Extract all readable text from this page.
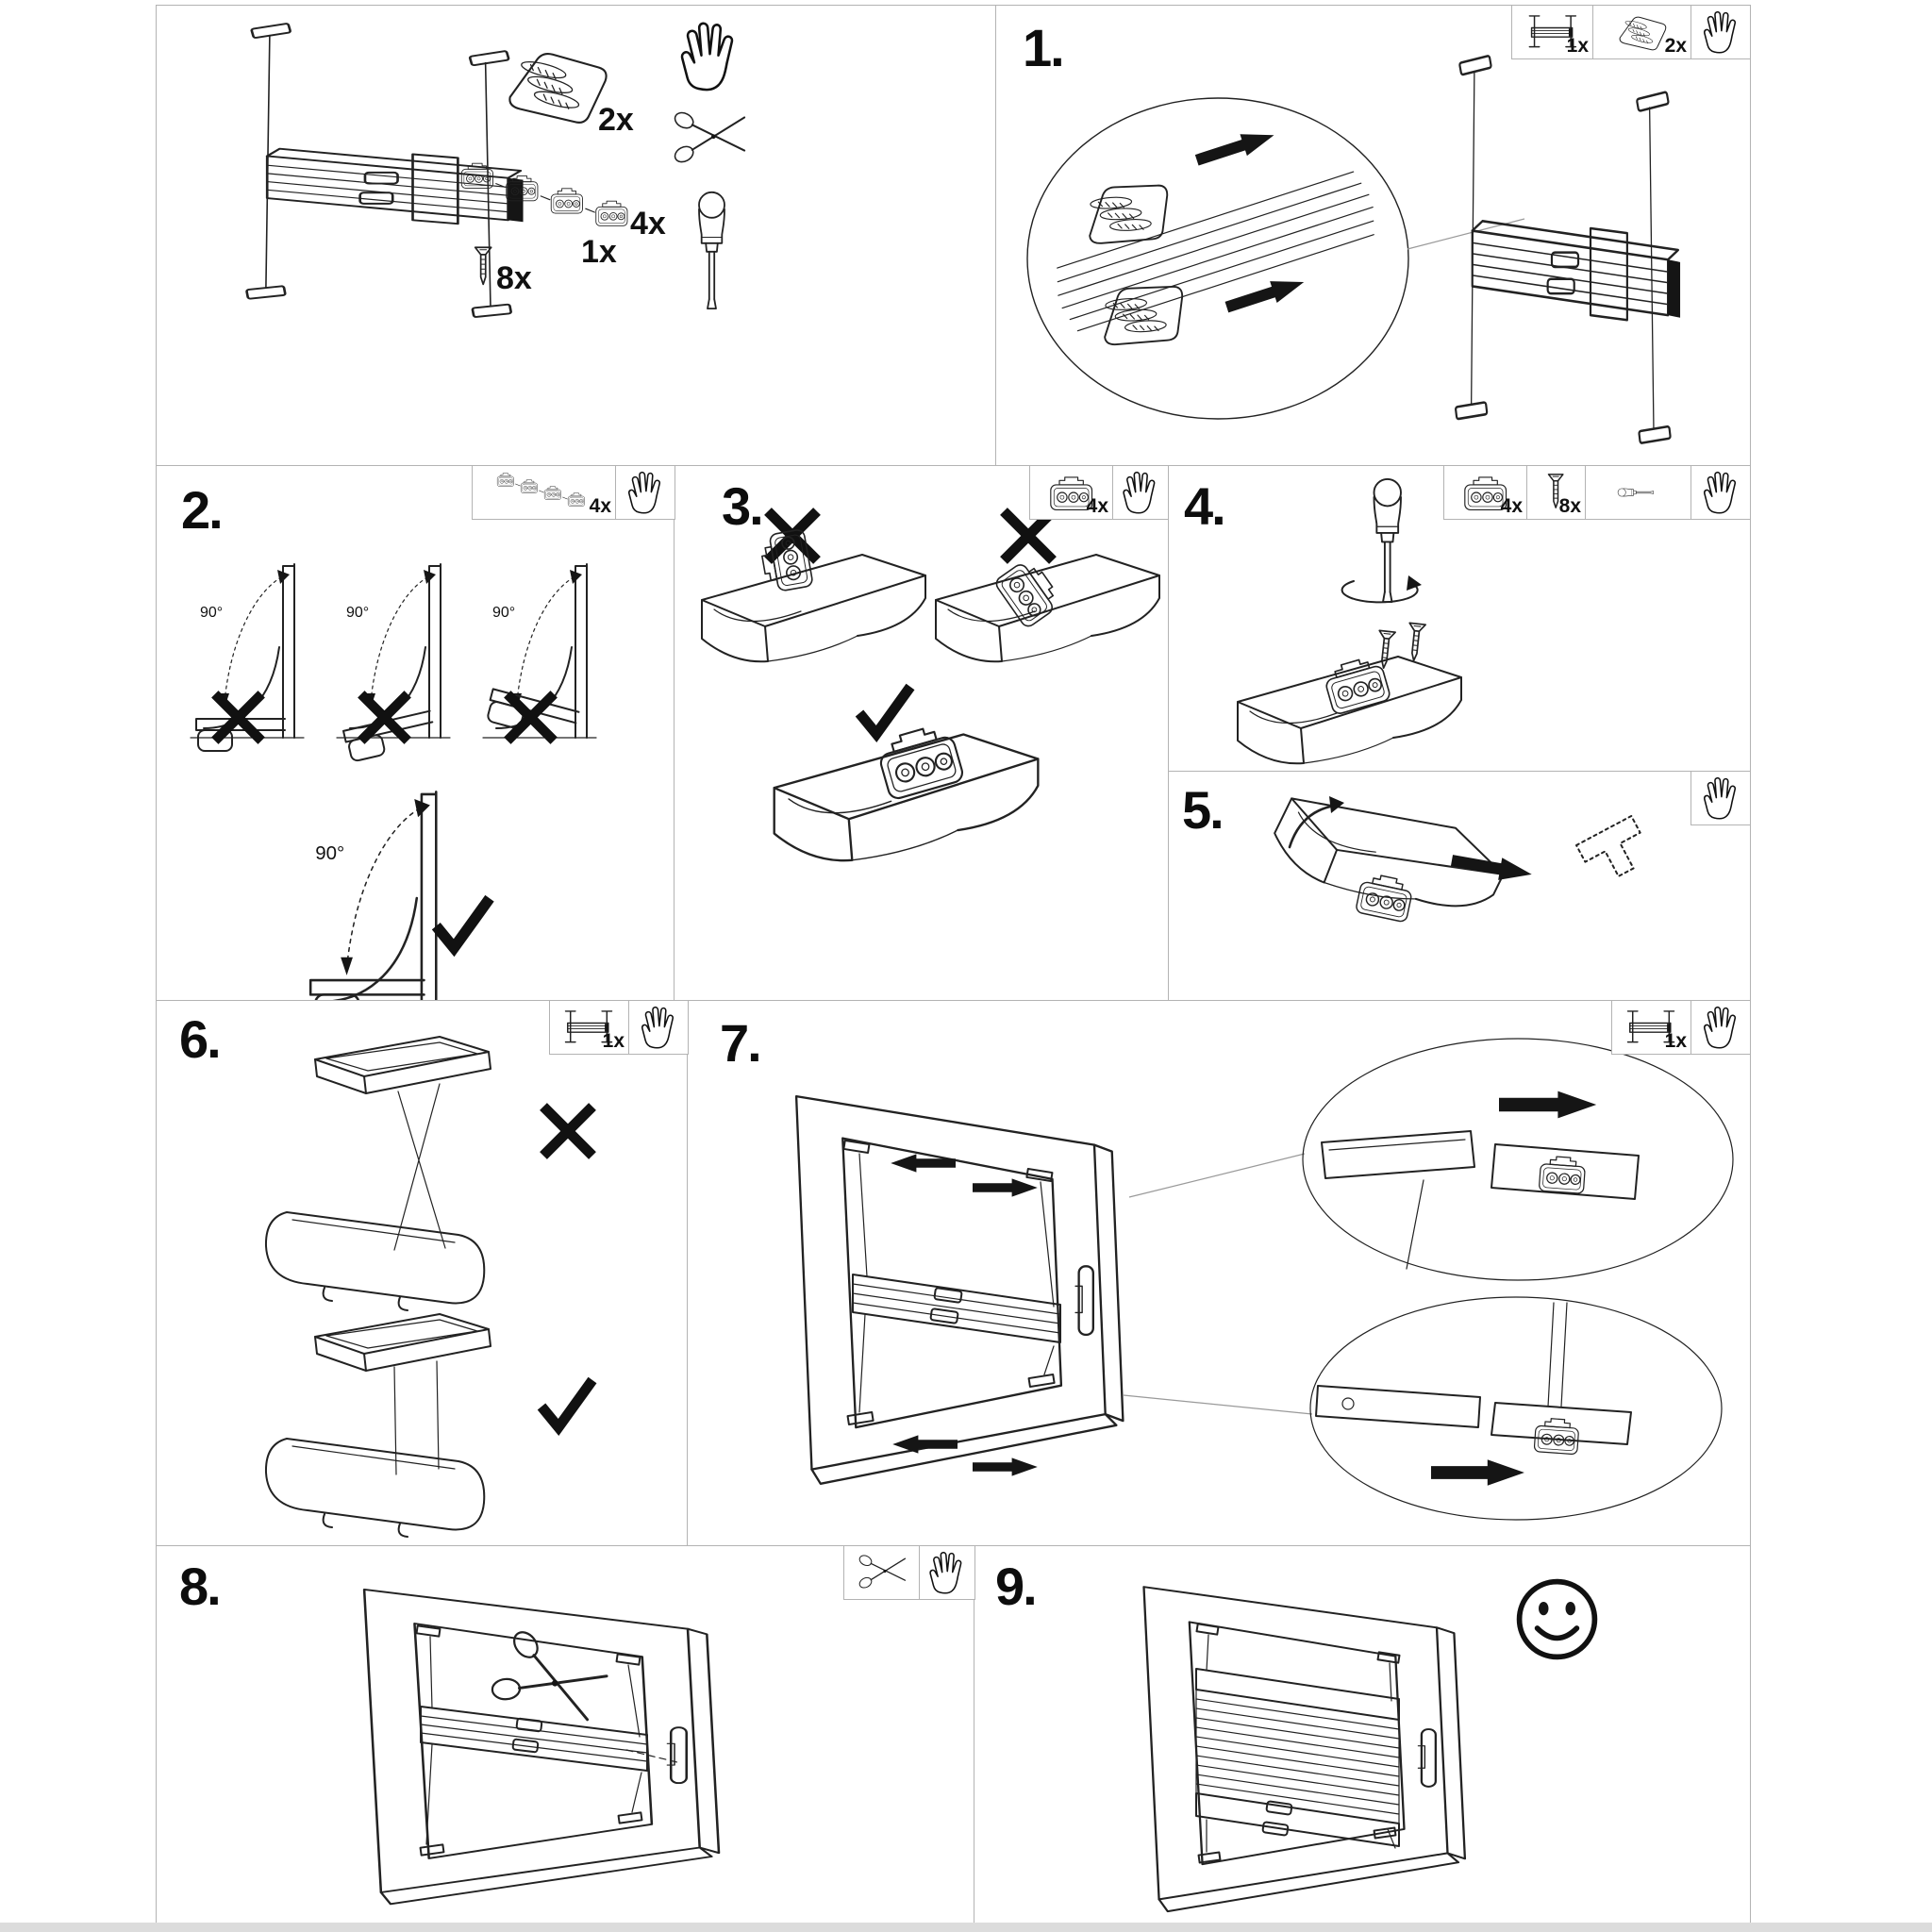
1x
8x
2x
4x
1.	1x	2x
2.	4x 3.	4x 4.	4x 8x
5.
6.	1x 7.	1x
8.	9.
